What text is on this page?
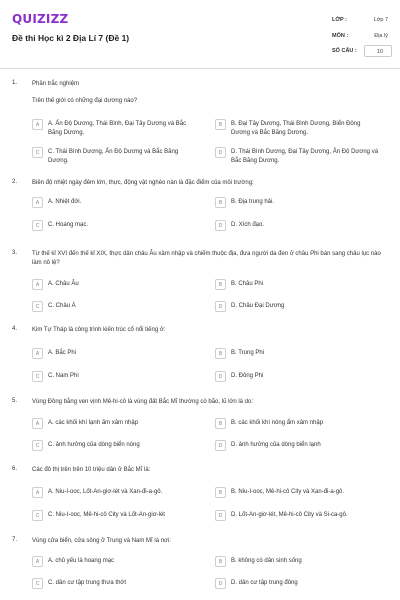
QUIZIZZ
Đề thi Học kì 2 Địa Lí 7 (Đề 1)
LỚP :	Lớp 7
MÔN :	Địa lý
SỐ CÂU :	10
1. Phần trắc nghiệm
Trên thế giới có những đại dương nào?
A	A. Ấn Độ Dương, Thái Bình, Đại Tây Dương và Bắc Băng Dương.
B	B. Đại Tây Dương, Thái Bình Dương, Biển Đông Dương và Bắc Băng Dương.
C	C. Thái Bình Dương, Ấn Độ Dương và Bắc Băng Dương.
D	D. Thái Bình Dương, Đại Tây Dương, Ấn Độ Dương và Bắc Băng Dương.
2. Biên độ nhiệt ngày đêm lớn, thực, động vật nghèo nàn là đặc điểm của môi trường:
A	A. Nhiệt đới.	B	B. Địa trung hải.
C	C. Hoang mạc.	D	D. Xích đạo.
3. Từ thế kỉ XVI đến thế kỉ XIX, thực dân châu Âu xâm nhập và chiếm thuộc địa, đưa người da đen ở châu Phi bán sang châu lục nào làm nô lệ?
A	A. Châu Âu	B	B. Châu Phi
C	C. Châu Á	D	D. Châu Đại Dương
4. Kim Tự Tháp là công trình kiến trúc cổ nổi tiếng ở:
A	A. Bắc Phi	B	B. Trung Phi
C	C. Nam Phi	D	D. Đông Phi
5. Vùng Đồng bằng ven vịnh Mê-hi-cô là vùng đất Bắc Mĩ thường có bão, lũ lớn là do:
A	A. các khối khí lạnh ấm xâm nhập	B	B. các khối khí nóng ẩm xâm nhập
C	C. ảnh hưởng của dòng biển nóng	D	D. ảnh hưởng của dòng biển lạnh
6. Các đô thị trên trên 10 triệu dân ở Bắc Mĩ là:
A	A. Niu-I-ooc, Lốt-An-giơ-lét và Xan-đi-a-gô.	B	B. Niu-I-ooc, Mê-hi-cô City và Xan-đi-a-gô.
C	C. Niu-I-ooc, Mê-hi-cô City và Lốt-An-giơ-lét	D	D. Lốt-An-giơ-lét, Mê-hi-cô City và Si-ca-gô.
7. Vùng cửa biển, cửa sông ở Trung và Nam Mĩ là nơi:
A	A. chủ yếu là hoang mạc	B	B. không có dân sinh sống
C	C. dân cư tập trung thưa thớt	D	D. dân cư tập trung đông
